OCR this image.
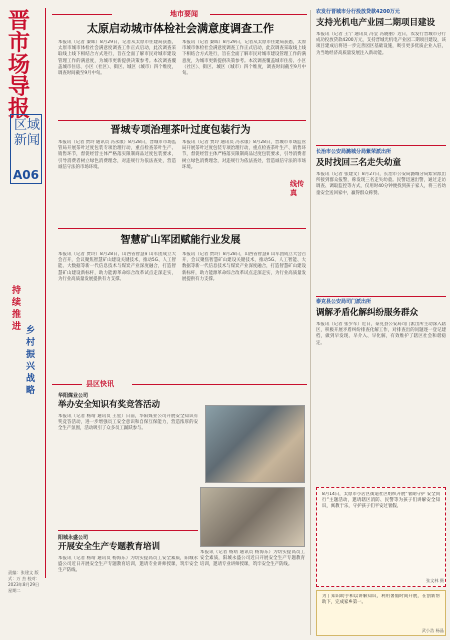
晋市场导报
区域新闻
A06
持续推进 乡村振兴战略
责编：张建文 版式：万 杰 校对：2023年8月29日 星期二
地市要闻
太原启动城市体检社会满意度调查工作
本报讯（记者 秦晖）8月29日，记者从太原市住建局获悉，太原市城市体检社会满意度调查工作正式启动，此次调查采取线上线下相结合方式进行，旨在全面了解市民对城市建设管理工作的满意度，为城市更新提供决策参考。本次调查覆盖城市住房、小区（社区）、街区、城区（城市）四个维度，调查时间截至9月中旬。
本报讯（记者 秦晖）8月29日，记者从太原市住建局获悉，太原市城市体检社会满意度调查工作正式启动，此次调查采取线上线下相结合方式进行，旨在全面了解市民对城市建设管理工作的满意度，为城市更新提供决策参考。本次调查覆盖城市住房、小区（社区）、街区、城区（城市）四个维度，调查时间截至9月中旬。
晋城专项治理茶叶过度包装行为
本报讯（记者 贾玲 通讯员 冯永康）8月28日，晋城市市场监管局开展茶叶过度包装专项治理行动，重点检查茶叶生产、销售环节，督促经营主体严格落实限制商品过度包装要求，引导消费者树立绿色消费理念，对违规行为依法查处，营造诚信守法的市场环境。
本报讯（记者 贾玲 通讯员 冯永康）8月28日，晋城市市场监管局开展茶叶过度包装专项治理行动，重点检查茶叶生产、销售环节，督促经营主体严格落实限制商品过度包装要求，引导消费者树立绿色消费理念，对违规行为依法查处，营造诚信守法的市场环境。
智慧矿山军团赋能行业发展
本报讯（记者 贾玲）8月28日，山西省智慧矿山军团成立大会召开，会议聚焦智慧矿山建设关键技术，推动5G、人工智能、大数据等新一代信息技术与煤炭产业深度融合，打造智慧矿山建设新标杆，助力能源革命综合改革试点走深走实，为行业高质量发展提供有力支撑。
本报讯（记者 贾玲）8月28日，山西省智慧矿山军团成立大会召开，会议聚焦智慧矿山建设关键技术，推动5G、人工智能、大数据等新一代信息技术与煤炭产业深度融合，打造智慧矿山建设新标杆，助力能源革命综合改革试点走深走实，为行业高质量发展提供有力支撑。
县区快讯
华阳煤业公司
举办安全知识有奖竞答活动
本报讯（记者 杨靖 通讯员 王星）日前，华阳煤业公司开展安全知识有奖竞答活动，进一步增强员工安全意识和自保互保能力，营造浓厚的安全生产氛围，活动吸引了众多员工踊跃参与。
阳城永盛公司
开展安全生产专题教育培训
本报讯（记者 杨靖 通讯员 杨海东）为切实提高员工安全素质，阳城永盛公司近日开展安全生产专题教育培训，邀请专业讲师授课，筑牢安全生产防线。
本报讯（记者 杨靖 通讯员 杨海东）为切实提高员工安全素质，阳城永盛公司近日开展安全生产专题教育培训，邀请专业讲师授课，筑牢安全生产防线。
农发行晋城市分行投放贷款4200万元
支持光机电产业园二期项目建设
本报讯（记者 王宁 通讯员 冯莹 冯晓丽）近日，农发行晋城市分行成功投放贷款4200万元，支持晋城光机电产业园二期项目建设，该项目建成后将进一步完善园区基础设施，吸引更多优质企业入驻，为当地经济高质量发展注入新动能。
线传真
长治市公安局潞城分局紫荣派出所
及时找回三名走失幼童
本报讯（记者 张建文）8月27日，长治市公安局潞城分局紫荣派出所接到群众报警，称发现三名走失幼童。民警迅速出警，通过走访调查、调取监控等方式，仅用时40分钟便找到孩子家人，将三名幼童安全送回家中，赢得群众称赞。
泰克县公安局司门派出所
调解矛盾化解纠纷服务群众
本报讯（记者 张少军）近日，泰克县公安局司门派出所主动深入辖区，积极开展矛盾纠纷排查化解工作，对排查出的问题逐一登记建档，做到早发现、早介入、早化解，有效维护了辖区社会和谐稳定。
8月14日，太原市小店区街道社区组织开展“暑期守护 安全同行”主题活动，邀请辖区消防、民警等为孩子们讲解安全知识，寓教于乐，守护孩子们平安过暑假。
张文林 摄
为丁知识助手和以讲解知识，利用暑假时间开展，在创新帮助下，完成家乡第一。
武小浩 杨晶
